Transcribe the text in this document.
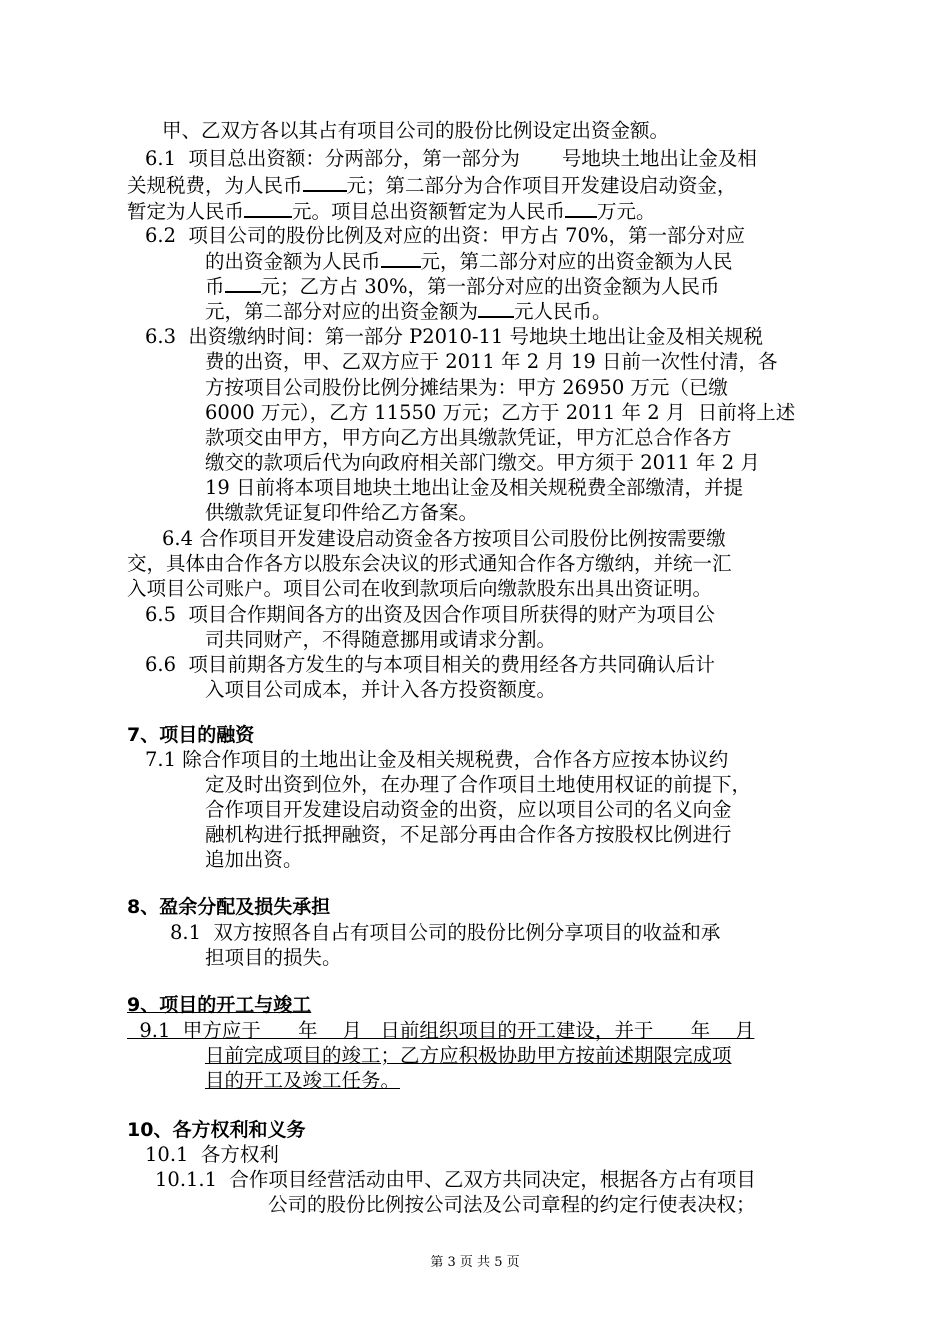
甲、乙双方各以其占有项目公司的股份比例设定出资金额。
6.1  项目总出资额：分两部分，第一部分为 号地块土地出让金及相
关规税费，为人民币 元；第二部分为合作项目开发建设启动资金，
暂定为人民币 元。项目总出资额暂定为人民币 万元。
6.2  项目公司的股份比例及对应的出资：甲方占 70%，第一部分对应
的出资金额为人民币 元，第二部分对应的出资金额为人民
币 元；乙方占 30%，第一部分对应的出资金额为人民币
元，第二部分对应的出资金额为 元人民币。
6.3  出资缴纳时间：第一部分 P2010-11 号地块土地出让金及相关规税
费的出资，甲、乙双方应于 2011 年 2 月 19 日前一次性付清，各
方按项目公司股份比例分摊结果为：甲方 26950 万元（已缴
6000 万元），乙方 11550 万元；乙方于 2011 年 2 月  日前将上述
款项交由甲方，甲方向乙方出具缴款凭证，甲方汇总合作各方
缴交的款项后代为向政府相关部门缴交。甲方须于 2011 年 2 月
19 日前将本项目地块土地出让金及相关规税费全部缴清，并提
供缴款凭证复印件给乙方备案。
6.4 合作项目开发建设启动资金各方按项目公司股份比例按需要缴
交，具体由合作各方以股东会决议的形式通知合作各方缴纳，并统一汇
入项目公司账户。项目公司在收到款项后向缴款股东出具出资证明。
6.5  项目合作期间各方的出资及因合作项目所获得的财产为项目公
司共同财产，不得随意挪用或请求分割。
6.6  项目前期各方发生的与本项目相关的费用经各方共同确认后计
入项目公司成本，并计入各方投资额度。
7、项目的融资
7.1 除合作项目的土地出让金及相关规税费，合作各方应按本协议约
定及时出资到位外，在办理了合作项目土地使用权证的前提下，
合作项目开发建设启动资金的出资，应以项目公司的名义向金
融机构进行抵押融资，不足部分再由合作各方按股权比例进行
追加出资。
8、盈余分配及损失承担
8.1  双方按照各自占有项目公司的股份比例分享项目的收益和承
担项目的损失。
9、项目的开工与竣工
9.1  甲方应于      年    月   日前组织项目的开工建设，并于      年    月
日前完成项目的竣工；乙方应积极协助甲方按前述期限完成项
目的开工及竣工任务。
10、各方权利和义务
10.1  各方权利
10.1.1  合作项目经营活动由甲、乙双方共同决定，根据各方占有项目
公司的股份比例按公司法及公司章程的约定行使表决权；
第 3 页 共 5 页
